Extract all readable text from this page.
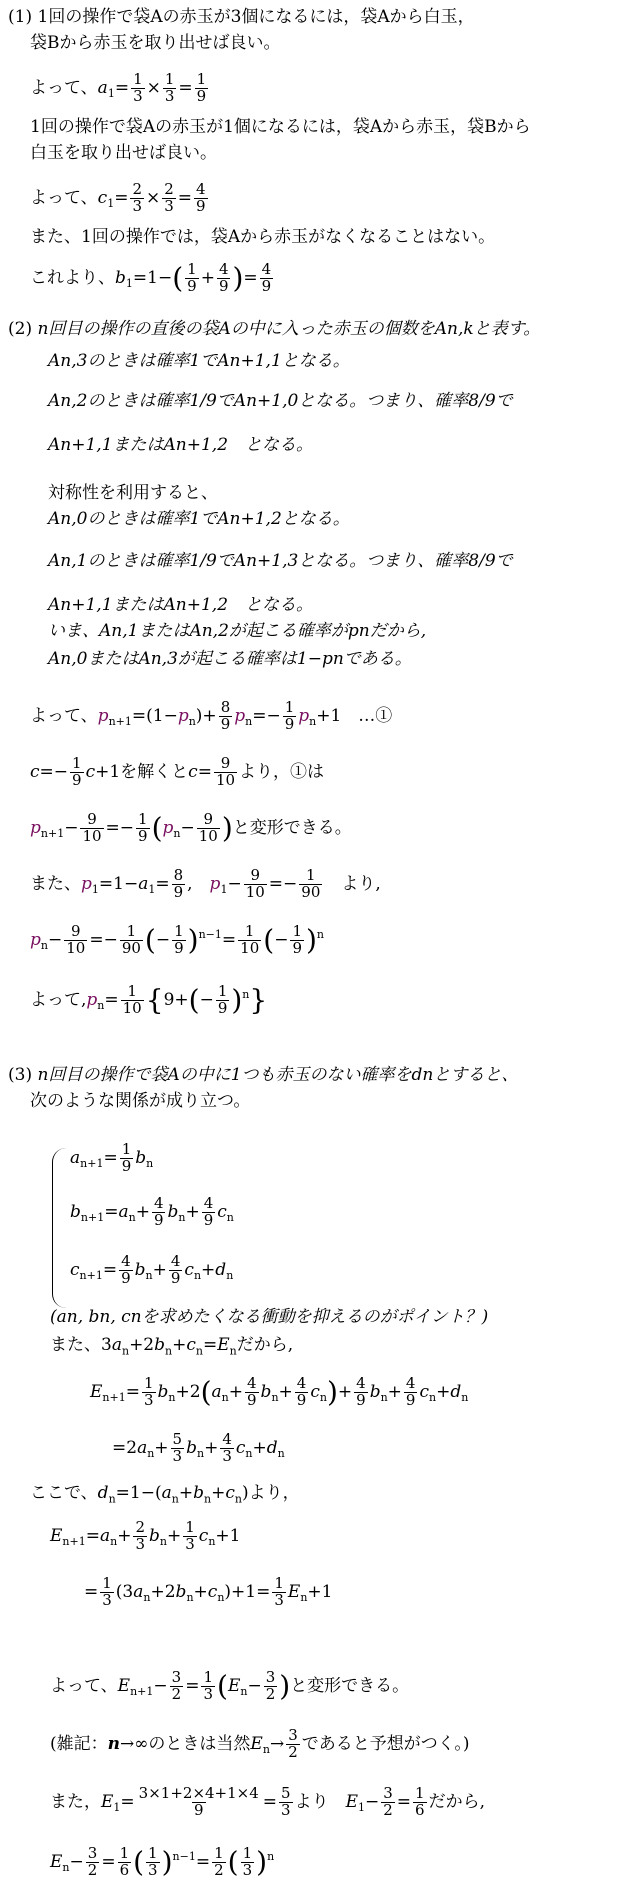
(1) 1回の操作で袋Aの赤玉が3個になるには，袋Aから白玉，
袋Bから赤玉を取り出せば良い。
よって、$a_1= \frac{1}{3} \times \frac{1}{3} = \frac{1}{9}$
1回の操作で袋Aの赤玉が1個になるには，袋Aから赤玉，袋Bから
白玉を取り出せば良い。
よって、$c_1= \frac{2}{3} \times \frac{2}{3} = \frac{4}{9}$
また、1回の操作では，袋Aから赤玉がなくなることはない。
これより、$b_1=1-( \frac{1}{9} + \frac{4}{9}$ )= $\frac{4}{9}$
(2) n回目の操作の直後の袋Aの中に入った赤玉の個数をAn,kと表す。
An,3のときは確率1でAn+1,1となる。
An,2のときは確率1/9でAn+1,0となる。つまり、確率8/9で
An+1,1またはAn+1,2　となる。
対称性を利用すると、
An,0のときは確率1でAn+1,2となる。
An,1のときは確率1/9でAn+1,3となる。つまり、確率8/9で
An+1,1またはAn+1,2　となる。
いま、An,1またはAn,2が起こる確率がpnだから,
An,0またはAn,3が起こる確率は1−pnである。
よって、$p_{n+1}=(1-p_n)+ \frac{8}{9} p_n=- \frac{1}{9} p_n+1$　…①
$c=- \frac{1}{9} c+1$を解くと$c= \frac{9}{10}$ より，①は
$p_{n+1}- \frac{9}{10} =- \frac{1}{9} (p_n- \frac{9}{10}$ )と変形できる。
また、$p_1=1-a_1= \frac{8}{9}$ ,　$p_1- \frac{9}{10} =- \frac{1}{90}$
　 より,
$p_n- \frac{9}{10} =- \frac{1}{90}$ (− $\frac{1}{9} )^{n-1}= \frac{1}{10}$ (− $\frac{1}{9} )^n$
よって$,p_n= \frac{1}{10} \{9+(- \frac{1}{9} )^n\}$
(3) n回目の操作で袋Aの中に1つも赤玉のない確率をdnとすると、
次のような関係が成り立つ。
$a_{n+1}= \frac{1}{9} b_n$
$b_{n+1}=a_n+ \frac{4}{9} b_n+ \frac{4}{9} c_n$
$c_{n+1}= \frac{4}{9} b_n+ \frac{4}{9} c_n+d_n$
(an, bn, cnを求めたくなる衝動を抑えるのがポイント？)
また、$3a_n+2b_n+c_n=E_n$だから,
$E_{n+1}= \frac{1}{3} b_n+2(a_n+ \frac{4}{9} b_n+ \frac{4}{9} c_n)+ \frac{4}{9} b_n+ \frac{4}{9} c_n+d_n$
$=2a_n+ \frac{5}{3} b_n+ \frac{4}{3} c_n+d_n$
ここで、$d_n=1-(a_n+b_n+c_n)$より，
$E_{n+1}=a_n+ \frac{2}{3} b_n+ \frac{1}{3} c_n+1$
= $\frac{1}{3} (3a_n+2b_n+c_n)+1= \frac{1}{3} E_n+1$
よって、$E_{n+1}- \frac{3}{2} = \frac{1}{3} (E_n- \frac{3}{2}$ )と変形できる。
(雑記：n→∞のときは当然$E_n\to \frac{3}{2}$ であると予想がつく。)
また，$E_1= \frac{3\times 1+2\times 4+1\times 4}{9} = \frac{5}{3}$ より　 $E_1- \frac{3}{2} = \frac{1}{6}$ だから,
$E_n- \frac{3}{2} = \frac{1}{6}$ ( $\frac{1}{3} )^{n-1}= \frac{1}{2}$ ( $\frac{1}{3} )^n$
